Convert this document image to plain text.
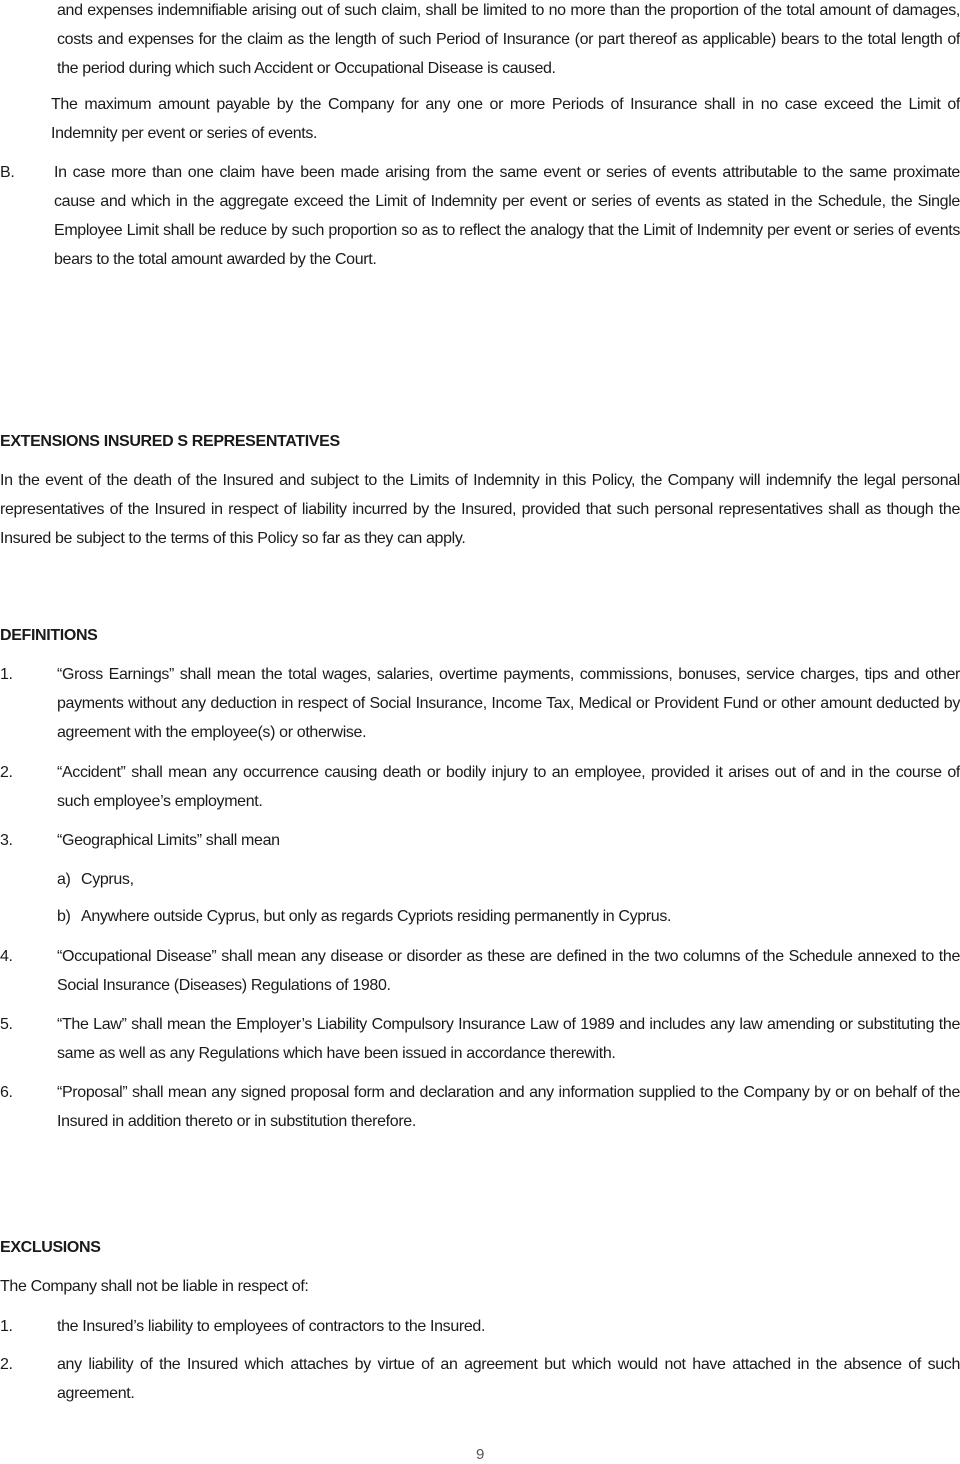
and expenses indemnifiable arising out of such claim, shall be limited to no more than the proportion of the total amount of damages, costs and expenses for the claim as the length of such Period of Insurance (or part thereof as applicable) bears to the total length of the period during which such Accident or Occupational Disease is caused.

The maximum amount payable by the Company for any one or more Periods of Insurance shall in no case exceed the Limit of Indemnity per event or series of events.

B. In case more than one claim have been made arising from the same event or series of events attributable to the same proximate cause and which in the aggregate exceed the Limit of Indemnity per event or series of events as stated in the Schedule, the Single Employee Limit shall be reduce by such proportion so as to reflect the analogy that the Limit of Indemnity per event or series of events bears to the total amount awarded by the Court.

EXTENSIONS INSURED S REPRESENTATIVES

In the event of the death of the Insured and subject to the Limits of Indemnity in this Policy, the Company will indemnify the legal personal representatives of the Insured in respect of liability incurred by the Insured, provided that such personal representatives shall as though the Insured be subject to the terms of this Policy so far as they can apply.

DEFINITIONS
1.	“Gross Earnings” shall mean the total wages, salaries, overtime payments, commissions, bonuses, service charges, tips and other payments without any deduction in respect of Social Insurance, Income Tax, Medical or Provident Fund or other amount deducted by agreement with the employee(s) or otherwise.

2.	“Accident” shall mean any occurrence causing death or bodily injury to an employee, provided it arises out of and in the course of such employee’s employment.

3.	“Geographical Limits” shall mean

a) Cyprus,

b) Anywhere outside Cyprus, but only as regards Cypriots residing permanently in Cyprus.

4.	“Occupational Disease” shall mean any disease or disorder as these are defined in the two columns of the Schedule annexed to the Social Insurance (Diseases) Regulations of 1980.

5.	“The Law” shall mean the Employer’s Liability Compulsory Insurance Law of 1989 and includes any law amending or substituting the same as well as any Regulations which have been issued in accordance therewith.

6.	“Proposal” shall mean any signed proposal form and declaration and any information supplied to the Company by or on behalf of the Insured in addition thereto or in substitution therefore.

EXCLUSIONS

The Company shall not be liable in respect of:

1.	the Insured’s liability to employees of contractors to the Insured.

2.	any liability of the Insured which attaches by virtue of an agreement but which would not have attached in the absence of such agreement.

9
